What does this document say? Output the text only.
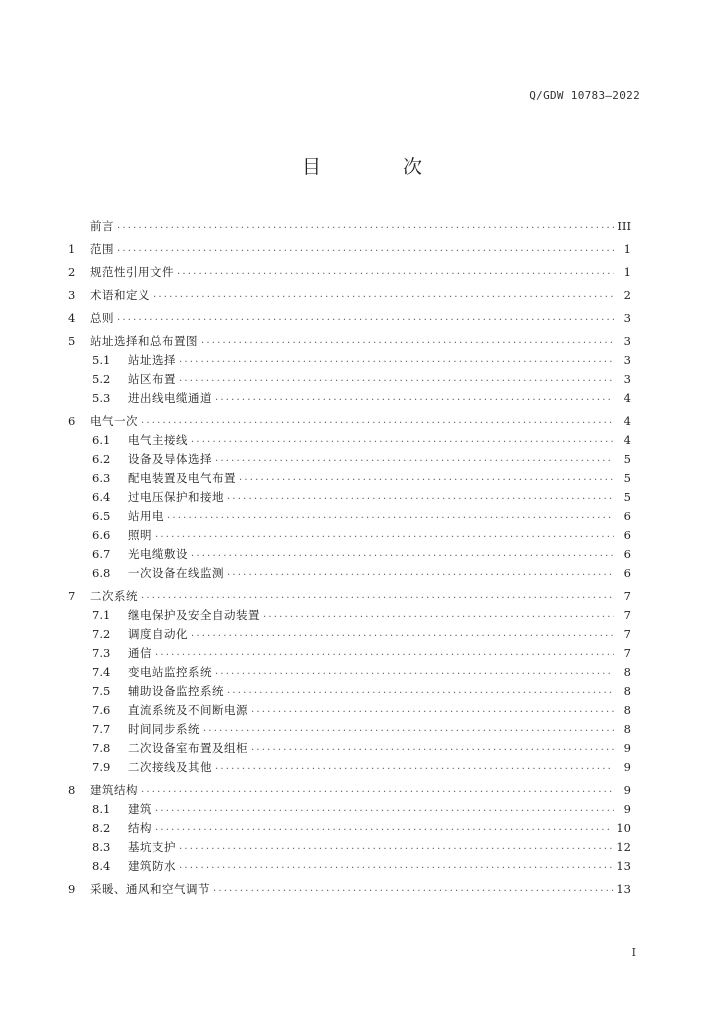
Q/GDW 10783—2022
目 次
前言 .....	III
1	范围 .....	1
2	规范性引用文件 .....	1
3	术语和定义 .....	2
4	总则 .....	3
5	站址选择和总布置图 .....	3
5.1	站址选择 .....	3
5.2	站区布置 .....	3
5.3	进出线电缆通道 .....	4
6	电气一次 .....	4
6.1	电气主接线 .....	4
6.2	设备及导体选择 .....	5
6.3	配电装置及电气布置 .....	5
6.4	过电压保护和接地 .....	5
6.5	站用电 .....	6
6.6	照明 .....	6
6.7	光电缆敷设 .....	6
6.8	一次设备在线监测 .....	6
7	二次系统 .....	7
7.1	继电保护及安全自动装置 .....	7
7.2	调度自动化 .....	7
7.3	通信 .....	7
7.4	变电站监控系统 .....	8
7.5	辅助设备监控系统 .....	8
7.6	直流系统及不间断电源 .....	8
7.7	时间同步系统 .....	8
7.8	二次设备室布置及组柜 .....	9
7.9	二次接线及其他 .....	9
8	建筑结构 .....	9
8.1	建筑 .....	9
8.2	结构 .....	10
8.3	基坑支护 .....	12
8.4	建筑防水 .....	13
9	采暖、通风和空气调节 .....	13
I
